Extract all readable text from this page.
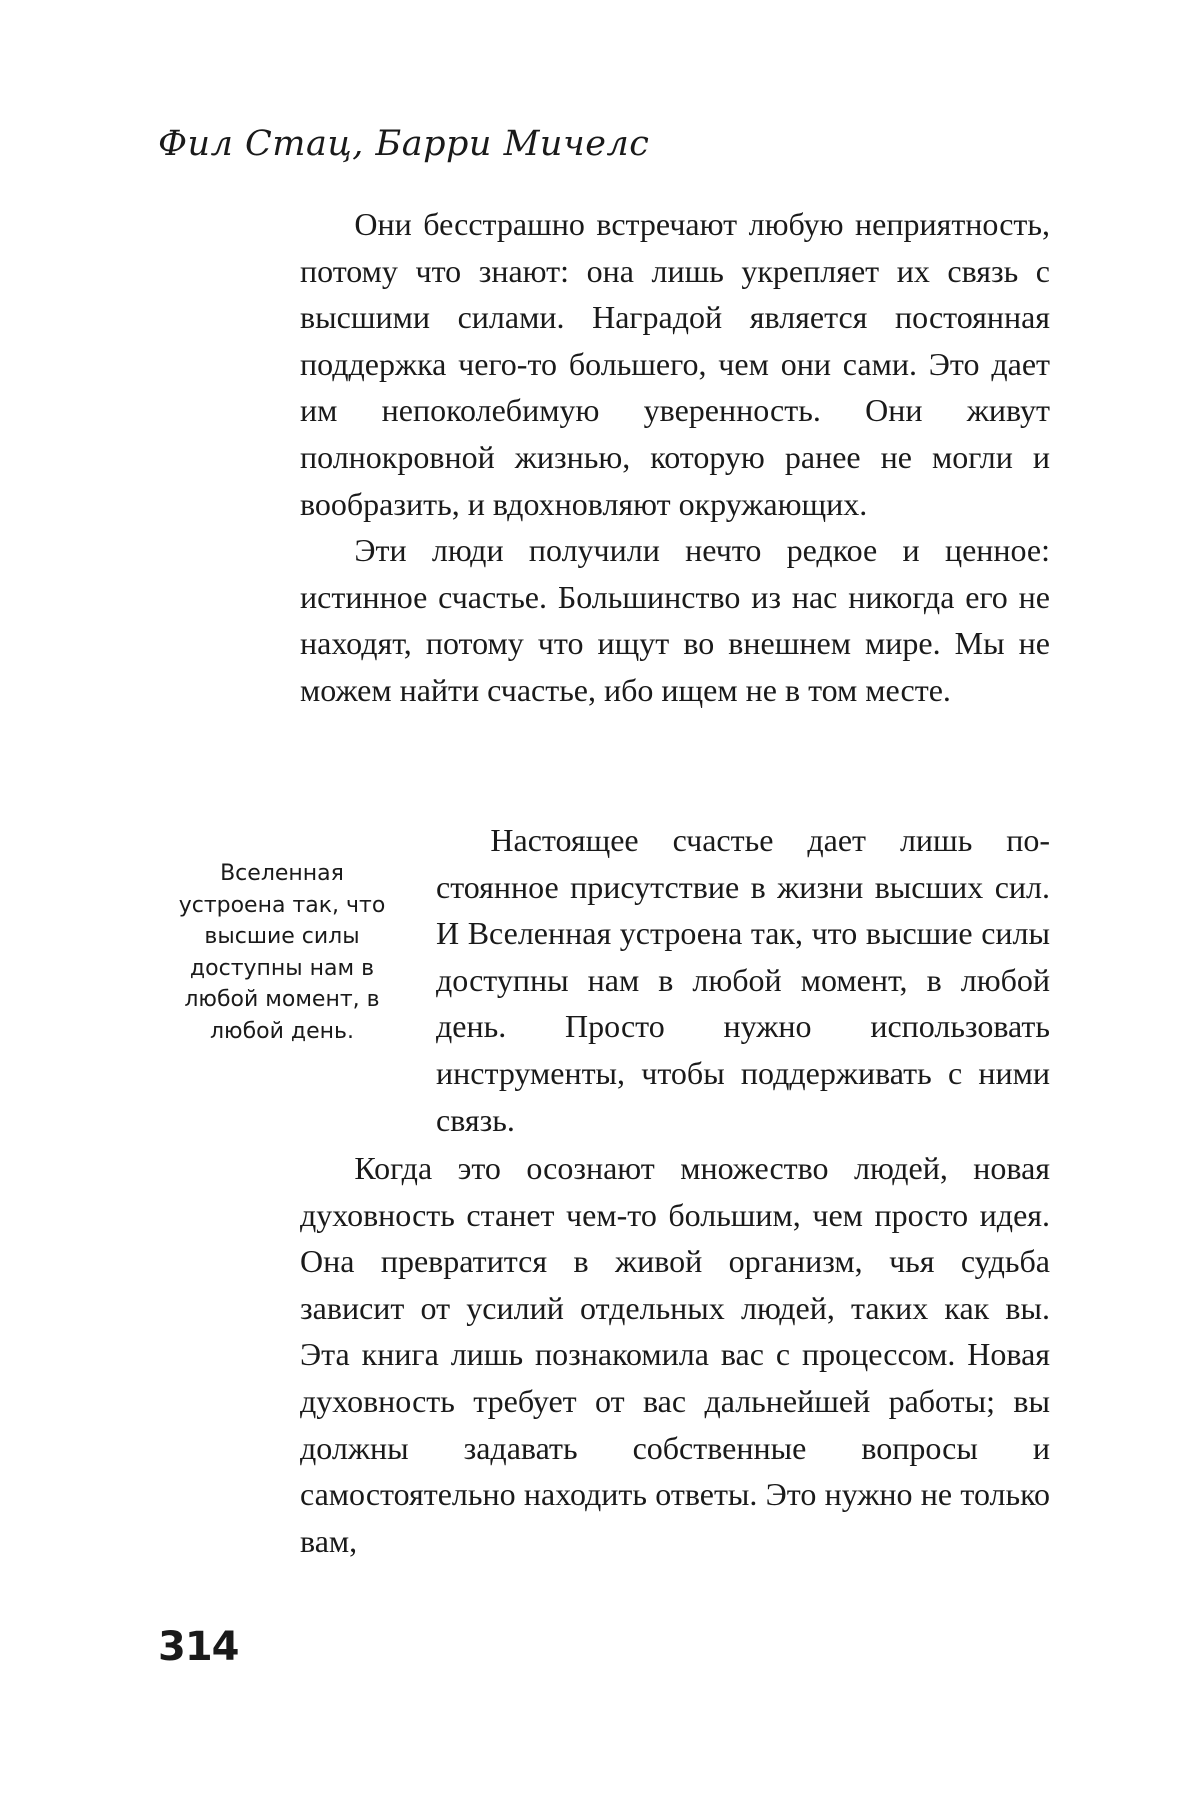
Фил Стац, Барри Мичелс

Они бесстрашно встречают любую неприятность, потому что знают: она лишь укрепляет их связь с высшими силами. Наградой является постоянная поддержка чего-то большего, чем они сами. Это дает им непоколебимую уверенность. Они живут полнокровной жизнью, которую ранее не могли и вообразить, и вдохновляют окружающих.

Эти люди получили нечто редкое и ценное: истинное счастье. Большинство из нас никогда его не находят, потому что ищут во внешнем мире. Мы не можем найти счастье, ибо ищем не в том месте.

Настоящее счастье дает лишь постоянное присутствие в жизни высших сил. И Вселенная устроена так, что высшие силы доступны нам в любой момент, в любой день. Просто нужно использовать инструменты, чтобы поддерживать с ними связь.

Вселенная устроена так, что высшие силы доступны нам в любой момент, в любой день.

Когда это осознают множество людей, новая духовность станет чем-то большим, чем просто идея. Она превратится в живой организм, чья судьба зависит от усилий отдельных людей, таких как вы. Эта книга лишь познакомила вас с процессом. Новая духовность требует от вас дальнейшей работы; вы должны задавать собственные вопросы и самостоятельно находить ответы. Это нужно не только вам,

314
